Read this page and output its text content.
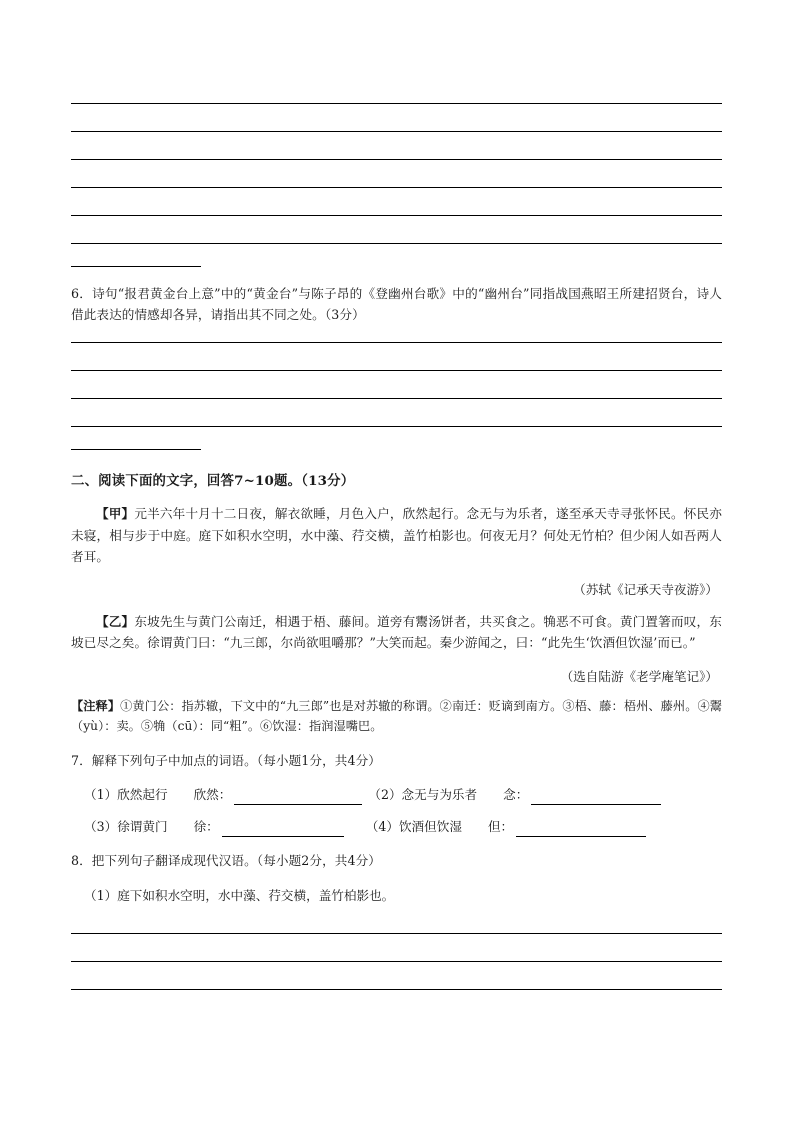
6．诗句“报君黄金台上意”中的“黄金台”与陈子昂的《登幽州台歌》中的“幽州台”同指战国燕昭王所建招贤台，诗人借此表达的情感却各异，请指出其不同之处。（3分）
二、阅读下面的文字，回答7~10题。（13分）
【甲】元半六年十月十二日夜，解衣欲睡，月色入户，欣然起行。念无与为乐者，遂至承天寺寻张怀民。怀民亦未寝，相与步于中庭。庭下如积水空明，水中藻、荇交横，盖竹柏影也。何夜无月？何处无竹柏？但少闲人如吾两人者耳。
（苏轼《记承天寺夜游》）
【乙】东坡先生与黄门公南迁，相遇于梧、藤间。道旁有鬻汤饼者，共买食之。觕恶不可食。黄门置箸而叹，东坡已尽之矣。徐谓黄门曰：“九三郎，尔尚欲咀嚼那？”大笑而起。秦少游闻之，曰：“此先生‘饮酒但饮湿’而已。”
（选自陆游《老学庵笔记》）
【注释】①黄门公：指苏辙，下文中的“九三郎”也是对苏辙的称谓。②南迁：贬谪到南方。③梧、藤：梧州、藤州。④鬻（yù）：卖。⑤觕（cū）：同“粗”。⑥饮湿：指润湿嘴巴。
7．解释下列句子中加点的词语。（每小题1分，共4分）
（1）欣然起行	欣然：	（2）念无与为乐者	念：
（3）徐谓黄门	徐：	（4）饮酒但饮湿	但：
8．把下列句子翻译成现代汉语。（每小题2分，共4分）
（1）庭下如积水空明，水中藻、荇交横，盖竹柏影也。
